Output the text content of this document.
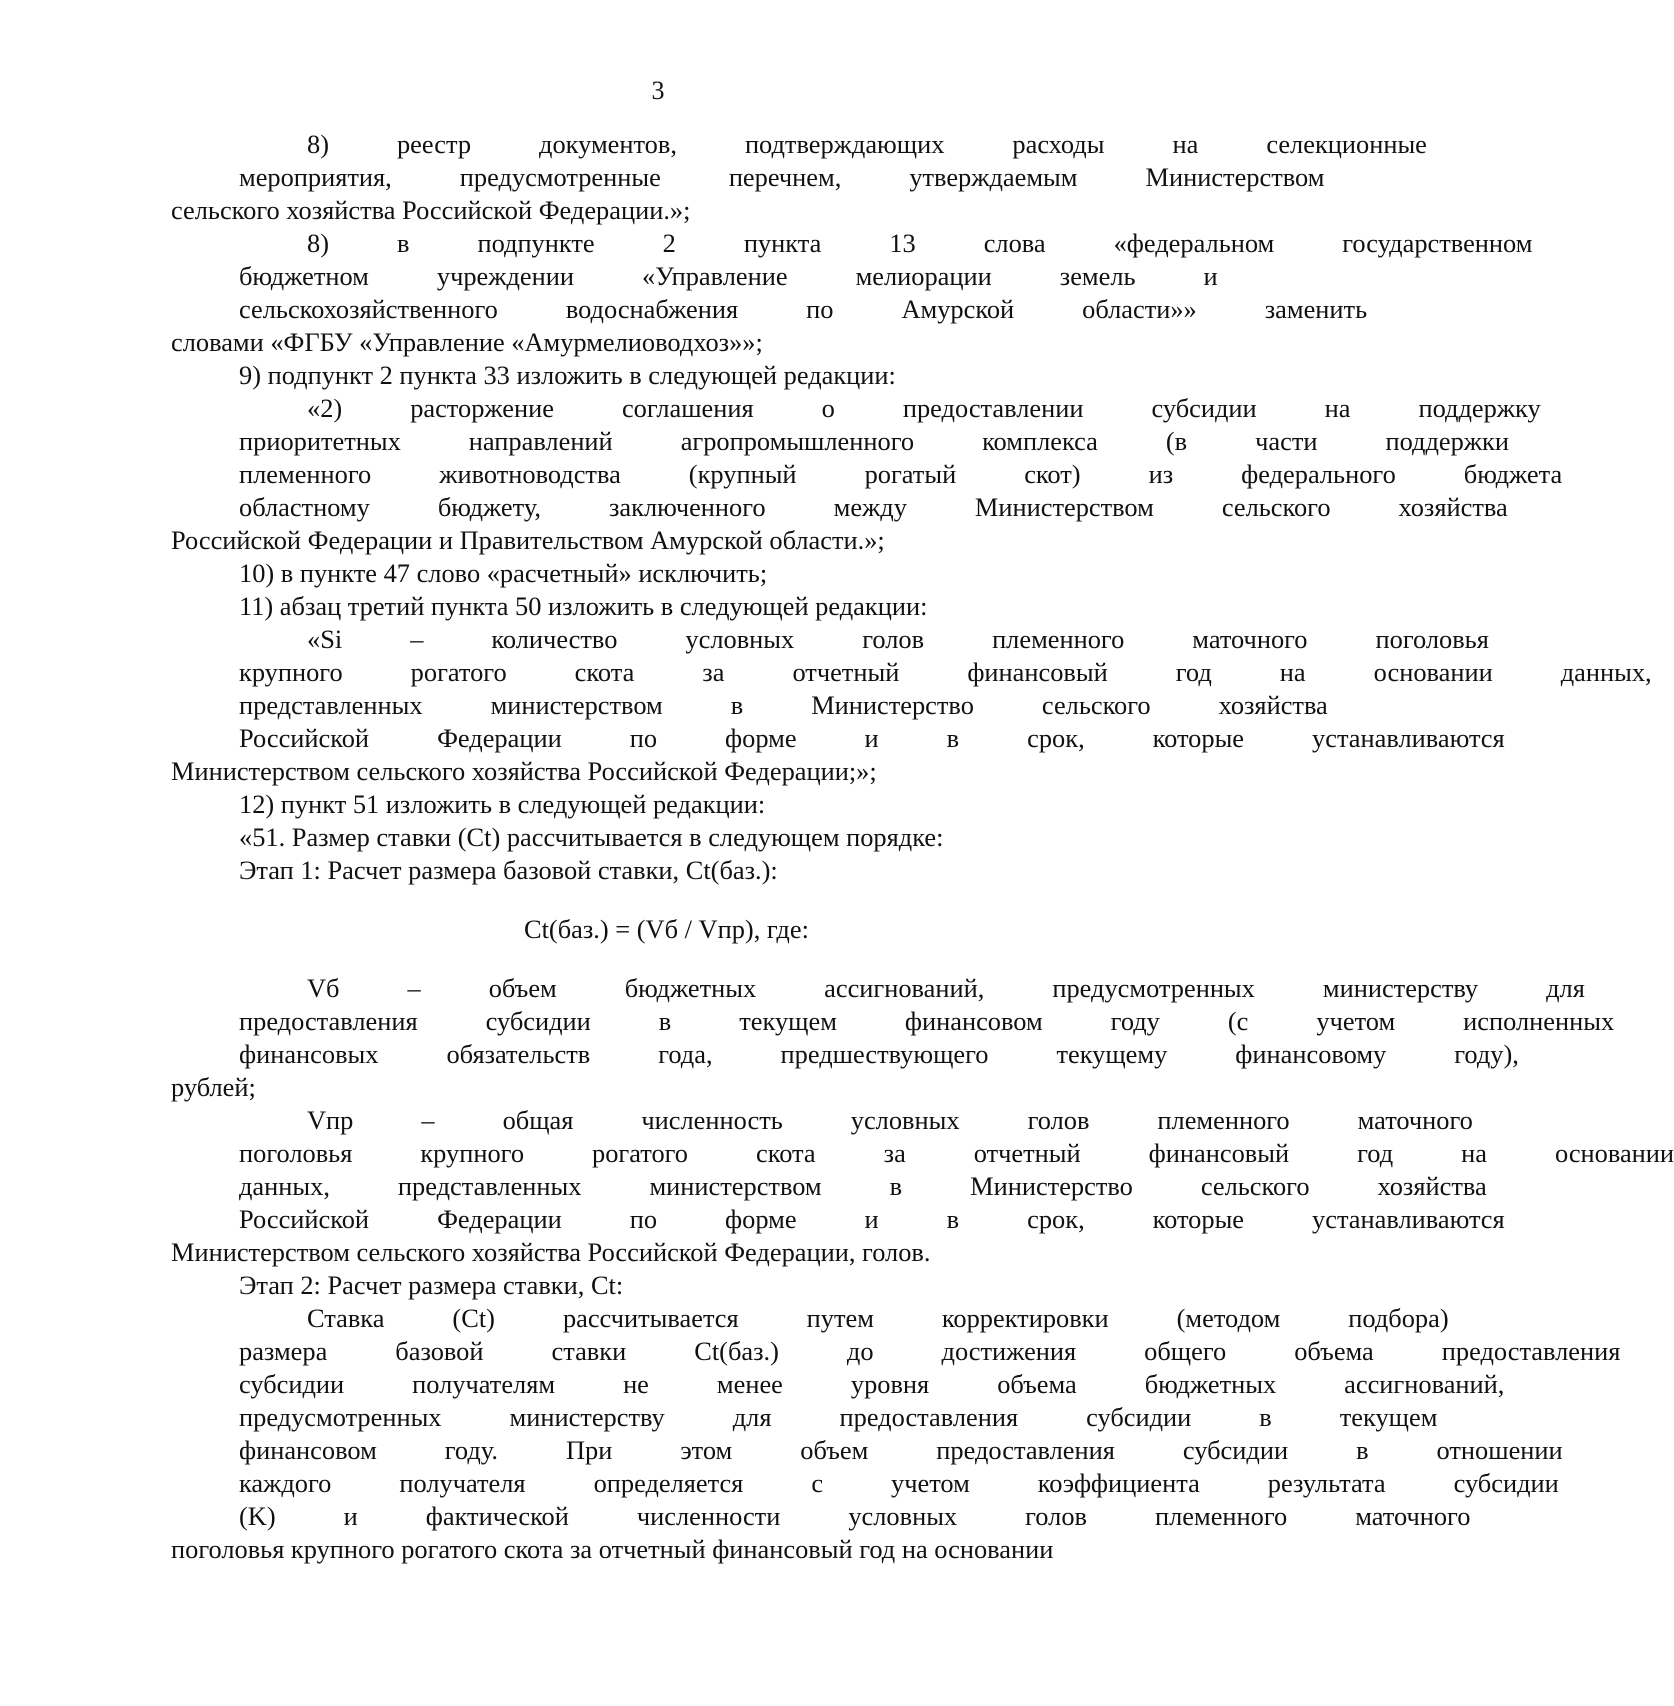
3
8)	реестр	документов,	подтверждающих	расходы	на	селекционные
мероприятия,	предусмотренные	перечнем,	утверждаемым	Министерством
сельского хозяйства Российской Федерации.»;
8)	в	подпункте	2	пункта	13	слова	«федеральном	государственном
бюджетном	учреждении	«Управление	мелиорации	земель	и
сельскохозяйственного	водоснабжения	по	Амурской	области»»	заменить
словами «ФГБУ «Управление «Амурмелиоводхоз»»;
9) подпункт 2 пункта 33 изложить в следующей редакции:
«2)	расторжение	соглашения	о	предоставлении	субсидии	на	поддержку
приоритетных	направлений	агропромышленного	комплекса	(в	части	поддержки
племенного	животноводства	(крупный	рогатый	скот)	из	федерального	бюджета
областному	бюджету,	заключенного	между	Министерством	сельского	хозяйства
Российской Федерации и Правительством Амурской области.»;
10) в пункте 47 слово «расчетный» исключить;
11) абзац третий пункта 50 изложить в следующей редакции:
«Si	–	количество	условных	голов	племенного	маточного	поголовья
крупного	рогатого	скота	за	отчетный	финансовый	год	на	основании	данных,
представленных	министерством	в	Министерство	сельского	хозяйства
Российской	Федерации	по	форме	и	в	срок,	которые	устанавливаются
Министерством сельского хозяйства Российской Федерации;»;
12) пункт 51 изложить в следующей редакции:
«51. Размер ставки (Ct) рассчитывается в следующем порядке:
Этап 1: Расчет размера базовой ставки, Ct(баз.):
Ct(баз.) = (Vб / Vпр), где:
Vб	–	объем	бюджетных	ассигнований,	предусмотренных	министерству	для
предоставления	субсидии	в	текущем	финансовом	году	(с	учетом	исполненных
финансовых	обязательств	года,	предшествующего	текущему	финансовому	году),
рублей;
Vпр	–	общая	численность	условных	голов	племенного	маточного
поголовья	крупного	рогатого	скота	за	отчетный	финансовый	год	на	основании
данных,	представленных	министерством	в	Министерство	сельского	хозяйства
Российской	Федерации	по	форме	и	в	срок,	которые	устанавливаются
Министерством сельского хозяйства Российской Федерации, голов.
Этап 2: Расчет размера ставки, Ct:
Ставка	(Ct)	рассчитывается	путем	корректировки	(методом	подбора)
размера	базовой	ставки	Ct(баз.)	до	достижения	общего	объема	предоставления
субсидии	получателям	не	менее	уровня	объема	бюджетных	ассигнований,
предусмотренных	министерству	для	предоставления	субсидии	в	текущем
финансовом	году.	При	этом	объем	предоставления	субсидии	в	отношении
каждого	получателя	определяется	с	учетом	коэффициента	результата	субсидии
(K)	и	фактической	численности	условных	голов	племенного	маточного
поголовья крупного рогатого скота за отчетный финансовый год на основании
